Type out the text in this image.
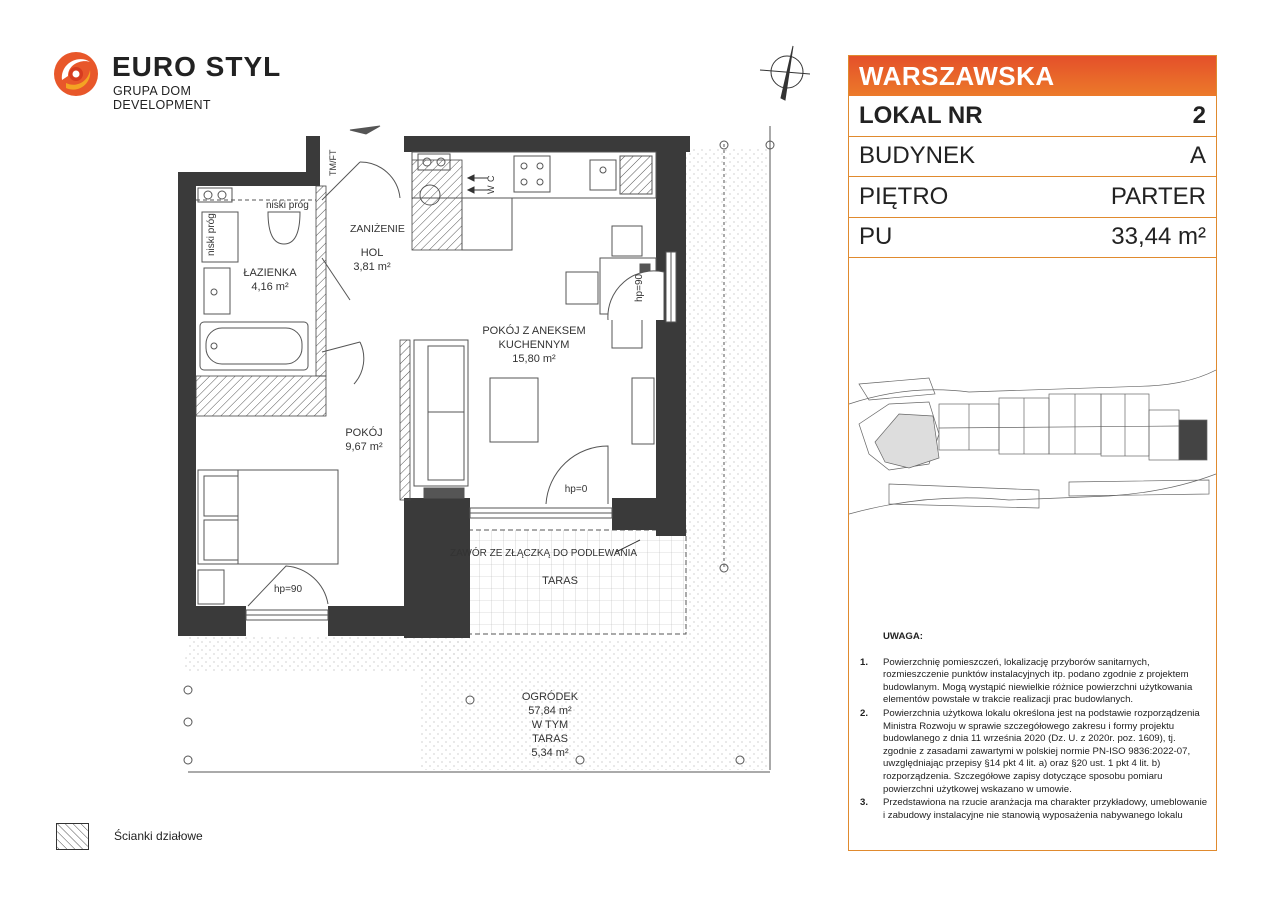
EURO STYL
GRUPA DOM DEVELOPMENT
niski próg
niski próg
TM/FT
ZANIŻENIE
C
W
HOL
3,81 m²
ŁAZIENKA
4,16 m²
POKÓJ Z ANEKSEM
KUCHENNYM
15,80 m²
hp=90
POKÓJ
9,67 m²
hp=0
hp=90
ZAWÓR ZE ZŁĄCZKĄ DO PODLEWANIA
TARAS
OGRÓDEK
57,84 m²
W TYM
TARAS
5,34 m²
Ścianki działowe
WARSZAWSKA
LOKAL NR	2
BUDYNEK	A
PIĘTRO	PARTER
PU	33,44 m²
UWAGA:
1.	Powierzchnię pomieszczeń, lokalizację przyborów sanitarnych, rozmieszczenie punktów instalacyjnych itp. podano zgodnie z projektem budowlanym. Mogą wystąpić niewielkie różnice powierzchni użytkowania elementów powstałe w trakcie realizacji prac budowlanych.
2.	Powierzchnia użytkowa lokalu określona jest na podstawie rozporządzenia Ministra Rozwoju w sprawie szczegółowego zakresu i formy projektu budowlanego z dnia 11 września 2020 (Dz. U. z 2020r. poz. 1609), tj. zgodnie z zasadami zawartymi w polskiej normie PN-ISO 9836:2022-07, uwzględniając przepisy §14 pkt 4 lit. a) oraz §20 ust. 1 pkt 4 lit. b) rozporządzenia. Szczegółowe zapisy dotyczące sposobu pomiaru powierzchni użytkowej wskazano w umowie.
3.	Przedstawiona na rzucie aranżacja ma charakter przykładowy, umeblowanie i zabudowy instalacyjne nie stanowią wyposażenia nabywanego lokalu
